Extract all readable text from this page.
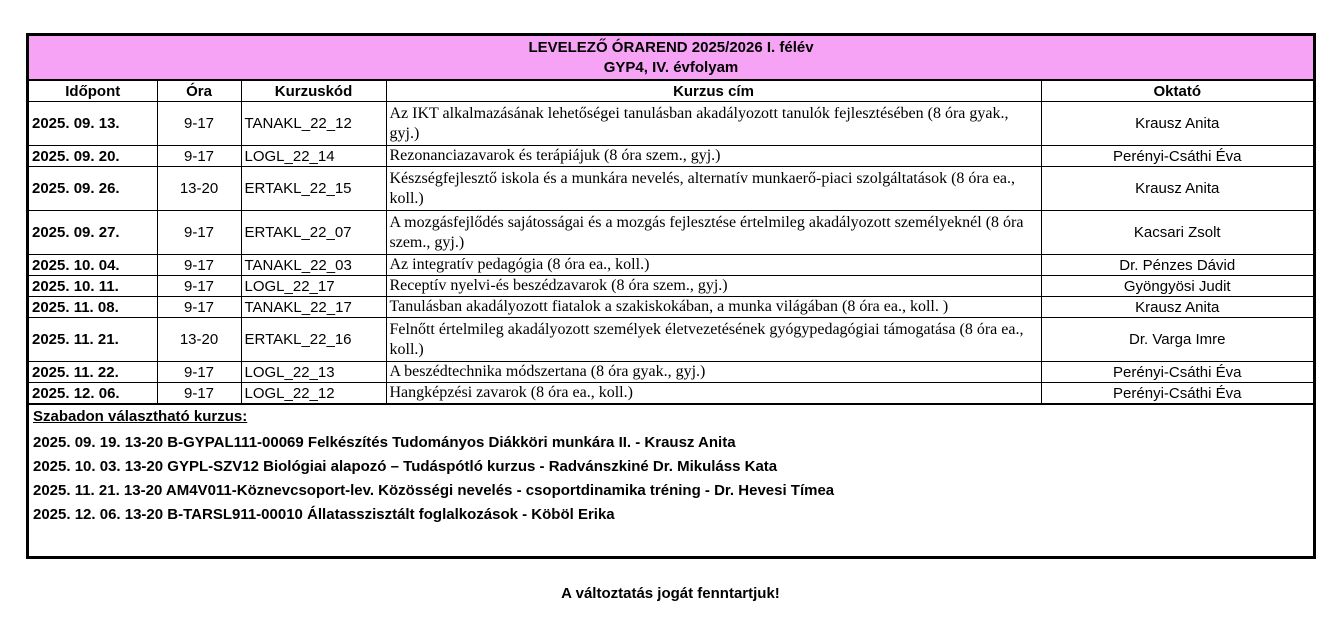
LEVELEZŐ ÓRAREND 2025/2026 I. félév
GYP4, IV. évfolyam
Időpont	Óra	Kurzuskód	Kurzus cím	Oktató
2025. 09. 13.	9-17	TANAKL_22_12	Az IKT alkalmazásának lehetőségei tanulásban akadályozott tanulók fejlesztésében (8 óra gyak., gyj.)	Krausz Anita
2025. 09. 20.	9-17	LOGL_22_14	Rezonanciazavarok és terápiájuk (8 óra szem., gyj.)	Perényi-Csáthi Éva
2025. 09. 26.	13-20	ERTAKL_22_15	Készségfejlesztő iskola és a munkára nevelés, alternatív munkaerő-piaci szolgáltatások (8 óra ea., koll.)	Krausz Anita
2025. 09. 27.	9-17	ERTAKL_22_07	A mozgásfejlődés sajátosságai és a mozgás fejlesztése értelmileg akadályozott személyeknél (8 óra szem., gyj.)	Kacsari Zsolt
2025. 10. 04.	9-17	TANAKL_22_03	Az integratív pedagógia (8 óra ea., koll.)	Dr. Pénzes Dávid
2025. 10. 11.	9-17	LOGL_22_17	Receptív nyelvi-és beszédzavarok (8 óra szem., gyj.)	Gyöngyösi Judit
2025. 11. 08.	9-17	TANAKL_22_17	Tanulásban akadályozott fiatalok a szakiskokában, a munka világában (8 óra ea., koll. )	Krausz Anita
2025. 11. 21.	13-20	ERTAKL_22_16	Felnőtt értelmileg akadályozott személyek életvezetésének gyógypedagógiai támogatása (8 óra ea., koll.)	Dr. Varga Imre
2025. 11. 22.	9-17	LOGL_22_13	A beszédtechnika módszertana (8 óra gyak., gyj.)	Perényi-Csáthi Éva
2025. 12. 06.	9-17	LOGL_22_12	Hangképzési zavarok (8 óra ea., koll.)	Perényi-Csáthi Éva
Szabadon választható kurzus:
2025. 09. 19. 13-20 B-GYPAL111-00069 Felkészítés Tudományos Diákköri munkára II. - Krausz Anita
2025. 10. 03. 13-20 GYPL-SZV12 Biológiai alapozó – Tudáspótló kurzus - Radvánszkiné Dr. Mikuláss Kata
2025. 11. 21. 13-20 AM4V011-Köznevcsoport-lev. Közösségi nevelés - csoportdinamika tréning - Dr. Hevesi Tímea
2025. 12. 06. 13-20 B-TARSL911-00010 Állatasszisztált foglalkozások - Köböl Erika
A változtatás jogát fenntartjuk!
